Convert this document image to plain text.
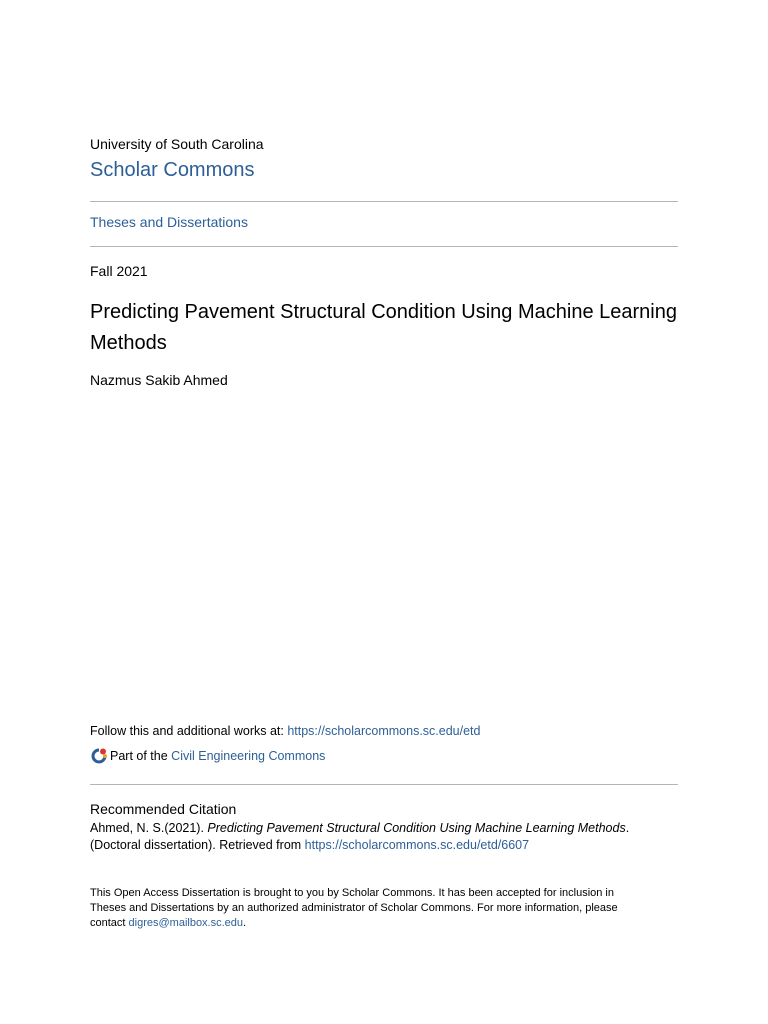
University of South Carolina
Scholar Commons
Theses and Dissertations
Fall 2021
Predicting Pavement Structural Condition Using Machine Learning Methods
Nazmus Sakib Ahmed
Follow this and additional works at: https://scholarcommons.sc.edu/etd
Part of the
Civil Engineering Commons
Recommended Citation
Ahmed, N. S.(2021). Predicting Pavement Structural Condition Using Machine Learning Methods.
(Doctoral dissertation). Retrieved from https://scholarcommons.sc.edu/etd/6607
This Open Access Dissertation is brought to you by Scholar Commons. It has been accepted for inclusion in Theses and Dissertations by an authorized administrator of Scholar Commons. For more information, please contact digres@mailbox.sc.edu.
